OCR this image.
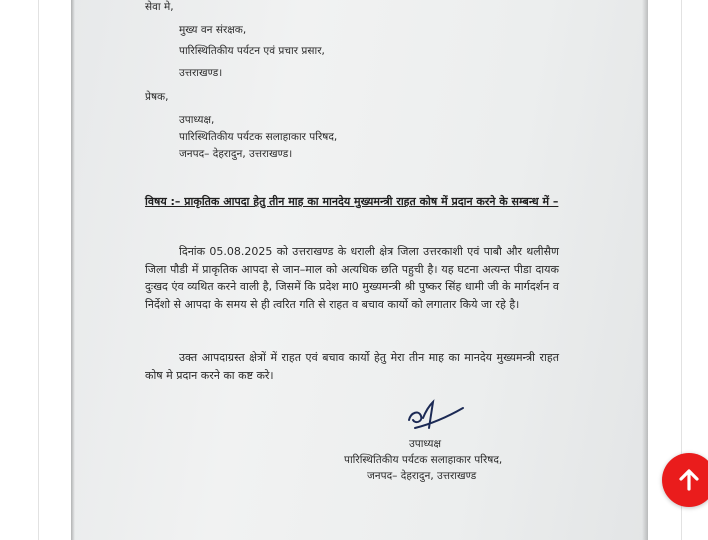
सेवा मे,
मुख्य वन संरक्षक,
पारिस्थितिकीय पर्यटन एवं प्रचार प्रसार,
उत्तराखण्ड।
प्रेषक,
उपाध्यक्ष,
पारिस्थितिकीय पर्यटक सलाहाकार परिषद,
जनपद– देहरादुन, उत्तराखण्ड।
विषय :– प्राकृतिक आपदा हेतु तीन माह का मानदेय मुख्यमन्त्री राहत कोष में प्रदान करने के सम्बन्ध में –
दिनांक 05.08.2025 को उत्तराखण्ड के धराली क्षेत्र जिला उत्तरकाशी एवं पाबौ और थलीसैण जिला पौडी में प्राकृतिक आपदा से जान–माल को अत्यधिक छति पहुची है। यह घटना अत्यन्त पीडा दायक दुःखद एंव व्यथित करने वाली है, जिसमें कि प्रदेश मा0 मुख्यमन्त्री श्री पुष्कर सिंह धामी जी के मार्गदर्शन व निर्देशो से आपदा के समय से ही त्वरित गति से राहत व बचाव कार्यो को लगातार किये जा रहे है।
उक्त आपदाग्रस्त क्षेत्रों में राहत एवं बचाव कार्यो हेतु मेरा तीन माह का मानदेय मुख्यमन्त्री राहत कोष मे प्रदान करने का कष्ट करे।
उपाध्यक्ष
पारिस्थितिकीय पर्यटक सलाहाकार परिषद,
जनपद– देहरादुन, उत्तराखण्ड
